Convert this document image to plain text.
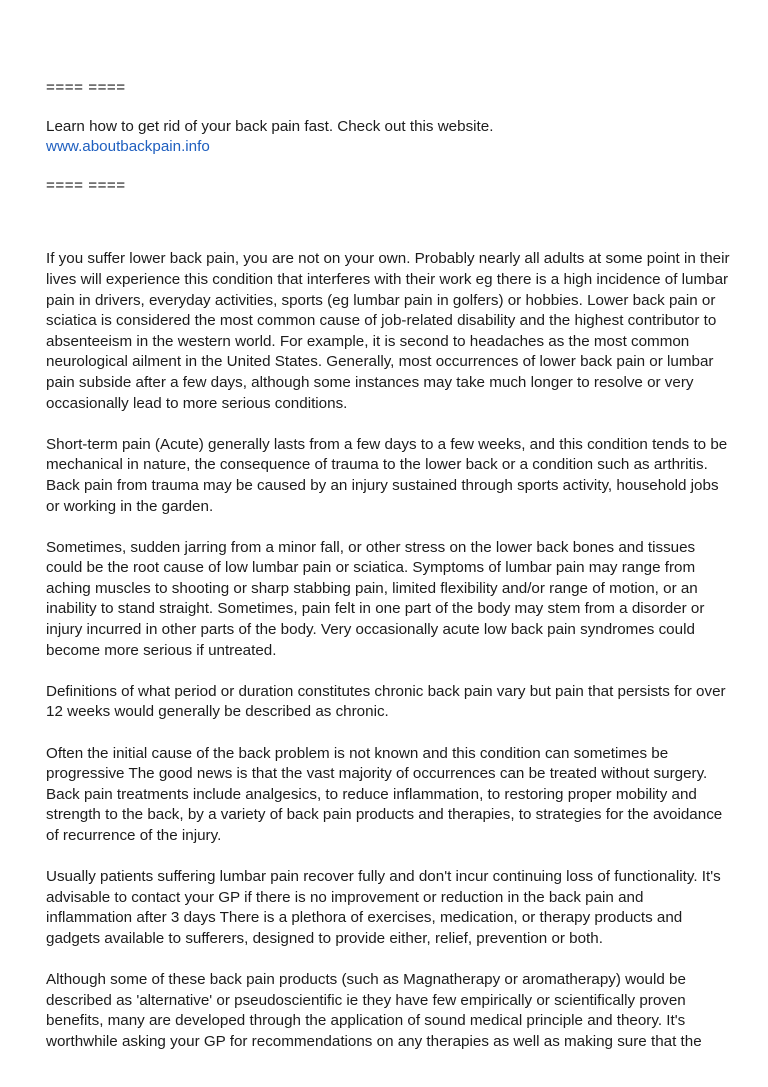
==== ====

Learn how to get rid of your back pain fast. Check out this website.

www.aboutbackpain.info

==== ====

If you suffer lower back pain, you are not on your own. Probably nearly all adults at some point in their lives will experience this condition that interferes with their work eg there is a high incidence of lumbar pain in drivers, everyday activities, sports (eg lumbar pain in golfers) or hobbies. Lower back pain or sciatica is considered the most common cause of job-related disability and the highest contributor to absenteeism in the western world. For example, it is second to headaches as the most common neurological ailment in the United States. Generally, most occurrences of lower back pain or lumbar pain subside after a few days, although some instances may take much longer to resolve or very occasionally lead to more serious conditions.

Short-term pain (Acute) generally lasts from a few days to a few weeks, and this condition tends to be mechanical in nature, the consequence of trauma to the lower back or a condition such as arthritis. Back pain from trauma may be caused by an injury sustained through sports activity, household jobs or working in the garden.

Sometimes, sudden jarring from a minor fall, or other stress on the lower back bones and tissues could be the root cause of low lumbar pain or sciatica. Symptoms of lumbar pain may range from aching muscles to shooting or sharp stabbing pain, limited flexibility and/or range of motion, or an inability to stand straight. Sometimes, pain felt in one part of the body may stem from a disorder or injury incurred in other parts of the body. Very occasionally acute low back pain syndromes could become more serious if untreated.

Definitions of what period or duration constitutes chronic back pain vary but pain that persists for over 12 weeks would generally be described as chronic.

Often the initial cause of the back problem is not known and this condition can sometimes be progressive The good news is that the vast majority of occurrences can be treated without surgery. Back pain treatments include analgesics, to reduce inflammation, to restoring proper mobility and strength to the back, by a variety of back pain products and therapies, to strategies for the avoidance of recurrence of the injury.

Usually patients suffering lumbar pain recover fully and don't incur continuing loss of functionality. It's advisable to contact your GP if there is no improvement or reduction in the back pain and inflammation after 3 days There is a plethora of exercises, medication, or therapy products and gadgets available to sufferers, designed to provide either, relief, prevention or both.

Although some of these back pain products (such as Magnatherapy or aromatherapy) would be described as 'alternative' or pseudoscientific ie they have few empirically or scientifically proven benefits, many are developed through the application of sound medical principle and theory. It's worthwhile asking your GP for recommendations on any therapies as well as making sure that the
